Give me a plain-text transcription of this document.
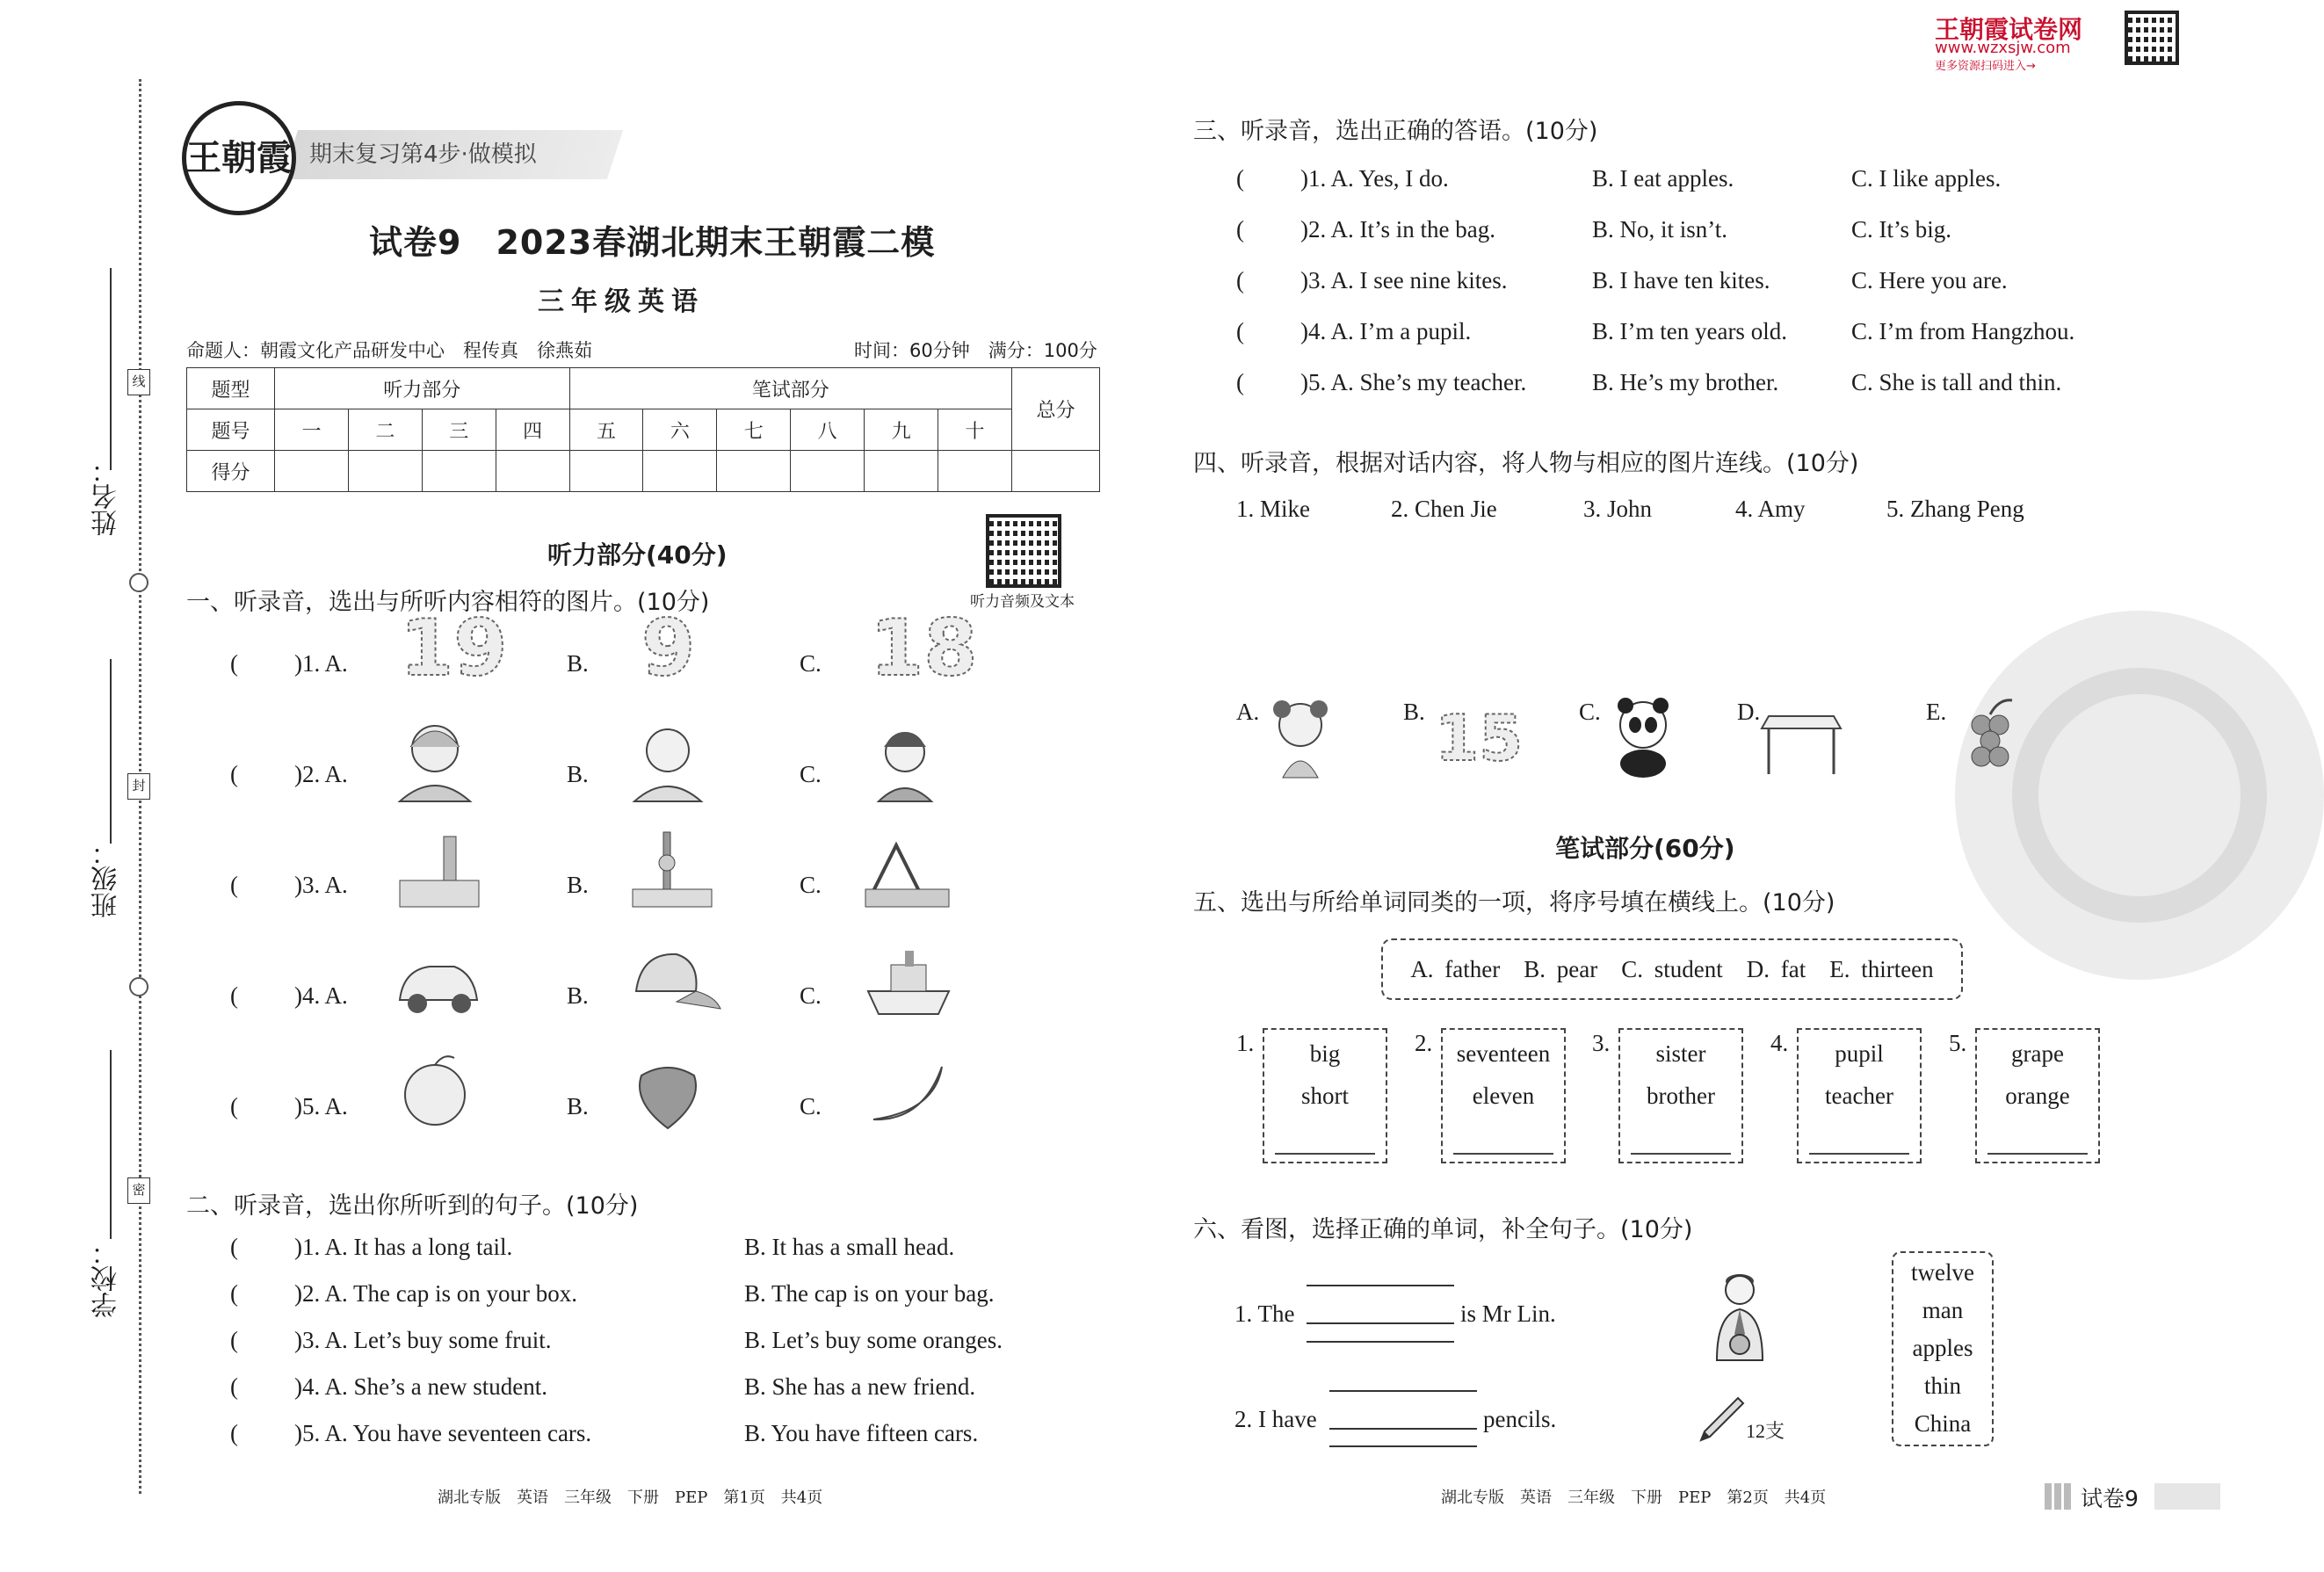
王朝霞试卷网
www.wzxsjw.com
更多资源扫码进入→
姓名：
班级：
学校：
线
封
密
期末复习第4步·做模拟
王朝霞
试卷9　2023春湖北期末王朝霞二模
三年级英语
命题人：朝霞文化产品研发中心　程传真　徐燕茹	时间：60分钟　满分：100分
题型	听力部分				笔试部分						总分
题号	一	二	三	四	五	六	七	八	九	十	
得分											
听力部分(40分)
听力音频及文本
一、听录音，选出与所听内容相符的图片。(10分)
( )1. A.	B.	C.
19 9 18
( )2. A.	B.	C.
( )3. A.	B.	C.
( )4. A.	B.	C.
( )5. A.	B.	C.
二、听录音，选出你所听到的句子。(10分)
( )1. A. It has a long tail.	B. It has a small head.
( )2. A. The cap is on your box.	B. The cap is on your bag.
( )3. A. Let’s buy some fruit.	B. Let’s buy some oranges.
( )4. A. She’s a new student.	B. She has a new friend.
( )5. A. You have seventeen cars.	B. You have fifteen cars.
湖北专版　英语　三年级　下册　PEP　第1页　共4页
三、听录音，选出正确的答语。(10分)
( )1. A. Yes, I do.	B. I eat apples.	C. I like apples.
( )2. A. It’s in the bag.	B. No, it isn’t.	C. It’s big.
( )3. A. I see nine kites.	B. I have ten kites.	C. Here you are.
( )4. A. I’m a pupil.	B. I’m ten years old.	C. I’m from Hangzhou.
( )5. A. She’s my teacher.	B. He’s my brother.	C. She is tall and thin.
四、听录音，根据对话内容，将人物与相应的图片连线。(10分)
1. Mike	2. Chen Jie	3. John	4. Amy	5. Zhang Peng
A.	B. 15 C.	D.	E.
笔试部分(60分)
五、选出与所给单词同类的一项，将序号填在横线上。(10分)
A. father　B. pear　C. student　D. fat　E. thirteen
1.	big
short
2.	seventeen
eleven
3.	sister
brother
4.	pupil
teacher
5.	grape
orange
六、看图，选择正确的单词，补全句子。(10分)
1. The	is Mr Lin.
2. I have	pencils.	12支
twelve
man
apples
thin
China
湖北专版　英语　三年级　下册　PEP　第2页　共4页	试卷9
